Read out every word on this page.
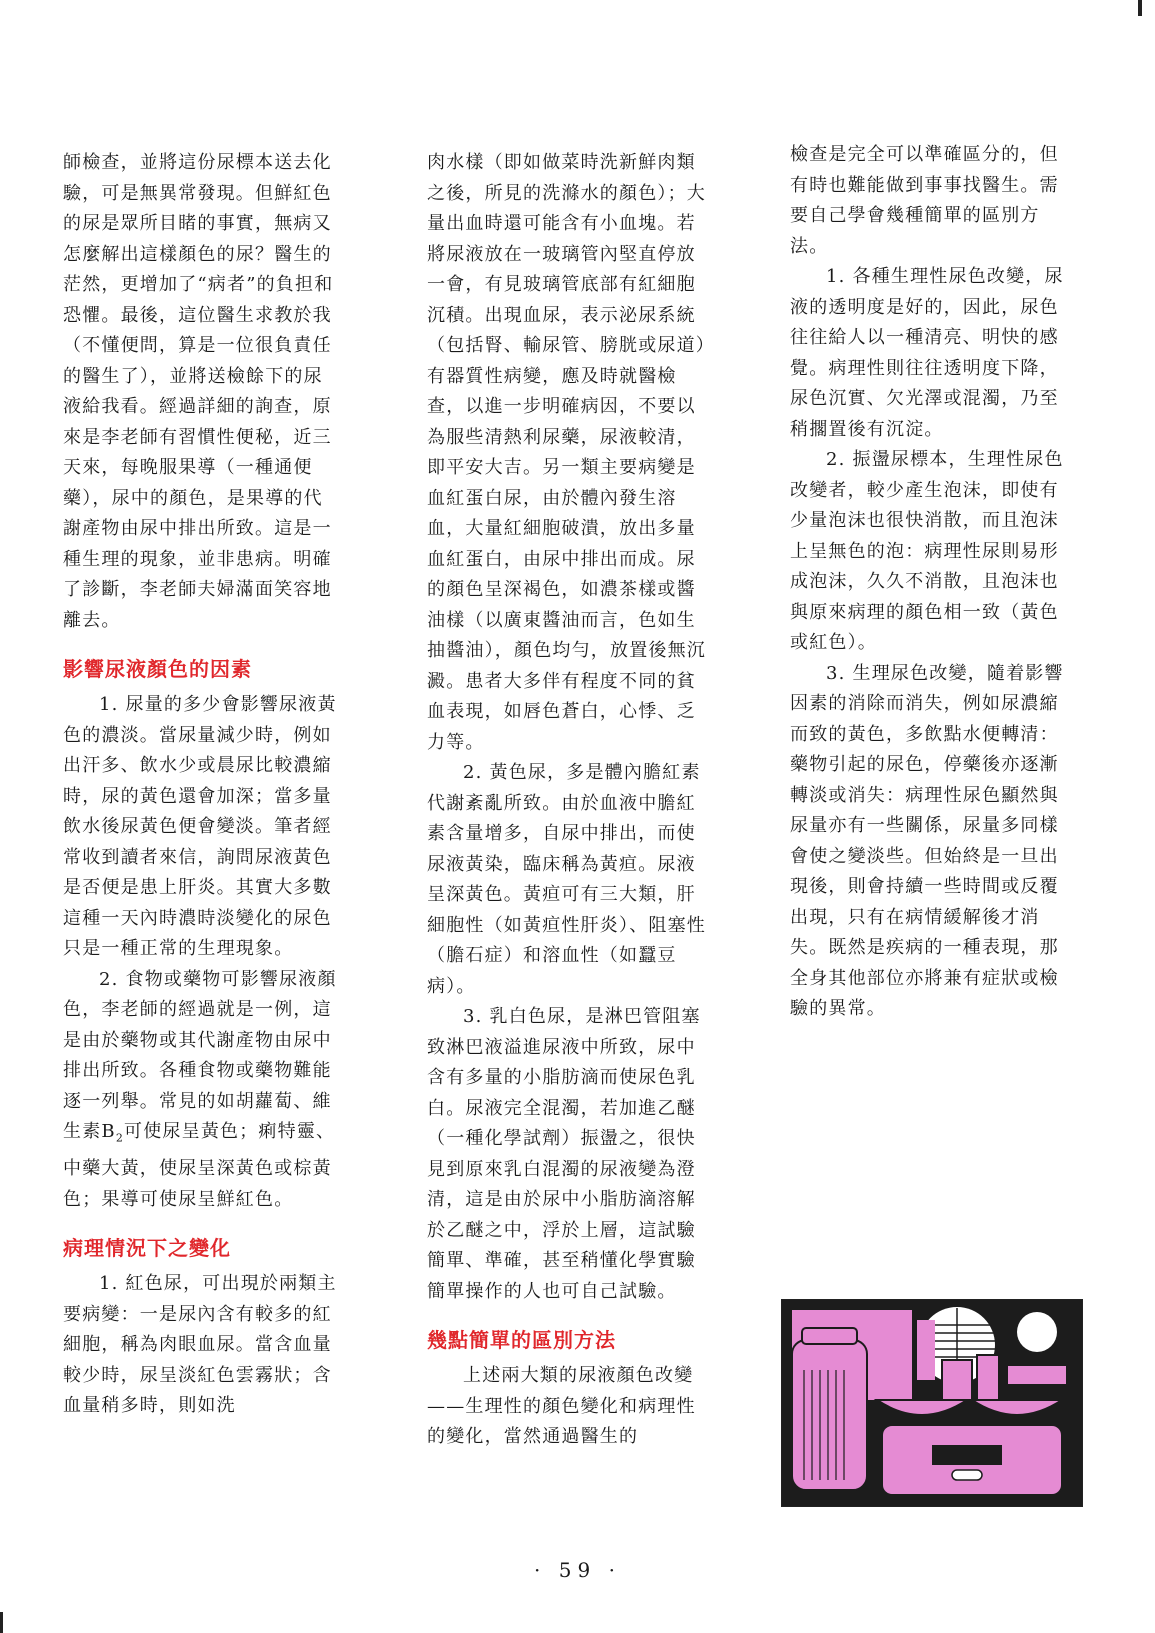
師檢查，並將這份尿標本送去化驗，可是無異常發現。但鮮紅色的尿是眾所目睹的事實，無病又怎麼解出這樣顏色的尿？醫生的茫然，更增加了“病者”的負担和恐懼。最後，這位醫生求教於我（不懂便問，算是一位很負責任的醫生了），並將送檢餘下的尿液給我看。經過詳細的詢查，原來是李老師有習慣性便秘，近三天來，每晚服果導（一種通便藥），尿中的顏色，是果導的代謝產物由尿中排出所致。這是一種生理的現象，並非患病。明確了診斷，李老師夫婦滿面笑容地離去。

影響尿液顏色的因素

1. 尿量的多少會影響尿液黃色的濃淡。當尿量減少時，例如出汗多、飲水少或晨尿比較濃縮時，尿的黃色還會加深；當多量飲水後尿黃色便會變淡。筆者經常收到讀者來信，詢問尿液黃色是否便是患上肝炎。其實大多數這種一天內時濃時淡變化的尿色只是一種正常的生理現象。

2. 食物或藥物可影響尿液顏色，李老師的經過就是一例，這是由於藥物或其代謝產物由尿中排出所致。各種食物或藥物難能逐一列舉。常見的如胡蘿蔔、維生素$B_2$可使尿呈黃色；痢特靈、中藥大黃，使尿呈深黃色或棕黃色；果導可使尿呈鮮紅色。

病理情況下之變化

1. 紅色尿，可出現於兩類主要病變：一是尿內含有較多的紅細胞，稱為肉眼血尿。當含血量較少時，尿呈淡紅色雲霧狀；含血量稍多時，則如洗

肉水樣（即如做菜時洗新鮮肉類之後，所見的洗滌水的顏色）；大量出血時還可能含有小血塊。若將尿液放在一玻璃管內堅直停放一會，有見玻璃管底部有紅細胞沉積。出現血尿，表示泌尿系統（包括腎、輸尿管、膀胱或尿道）有器質性病變，應及時就醫檢查，以進一步明確病因，不要以為服些清熱利尿藥，尿液較清，即平安大吉。另一類主要病變是血紅蛋白尿，由於體內發生溶血，大量紅細胞破潰，放出多量血紅蛋白，由尿中排出而成。尿的顏色呈深褐色，如濃茶樣或醬油樣（以廣東醬油而言，色如生抽醬油），顏色均勻，放置後無沉澱。患者大多伴有程度不同的貧血表現，如唇色蒼白，心悸、乏力等。

2. 黃色尿，多是體內膽紅素代謝紊亂所致。由於血液中膽紅素含量增多，自尿中排出，而使尿液黃染，臨床稱為黃疸。尿液呈深黃色。黃疸可有三大類，肝細胞性（如黃疸性肝炎）、阻塞性（膽石症）和溶血性（如蠶豆病）。

3. 乳白色尿，是淋巴管阻塞致淋巴液溢進尿液中所致，尿中含有多量的小脂肪滴而使尿色乳白。尿液完全混濁，若加進乙醚（一種化學試劑）振盪之，很快見到原來乳白混濁的尿液變為澄清，這是由於尿中小脂肪滴溶解於乙醚之中，浮於上層，這試驗簡單、準確，甚至稍懂化學實驗簡單操作的人也可自己試驗。

幾點簡單的區別方法

上述兩大類的尿液顏色改變——生理性的顏色變化和病理性的變化，當然通過醫生的

檢查是完全可以準確區分的，但有時也難能做到事事找醫生。需要自己學會幾種簡單的區別方法。

1. 各種生理性尿色改變，尿液的透明度是好的，因此，尿色往往給人以一種清亮、明快的感覺。病理性則往往透明度下降，尿色沉實、欠光澤或混濁，乃至稍擱置後有沉淀。

2. 振盪尿標本，生理性尿色改變者，較少產生泡沫，即使有少量泡沫也很快消散，而且泡沫上呈無色的泡：病理性尿則易形成泡沫，久久不消散，且泡沫也與原來病理的顏色相一致（黃色或紅色）。

3. 生理尿色改變，隨着影響因素的消除而消失，例如尿濃縮而致的黃色，多飲點水便轉清：藥物引起的尿色，停藥後亦逐漸轉淡或消失：病理性尿色顯然與尿量亦有一些關係，尿量多同樣會使之變淡些。但始終是一旦出現後，則會持續一些時間或反覆出現，只有在病情緩解後才消失。既然是疾病的一種表現，那全身其他部位亦將兼有症狀或檢驗的異常。

· 59 ·
